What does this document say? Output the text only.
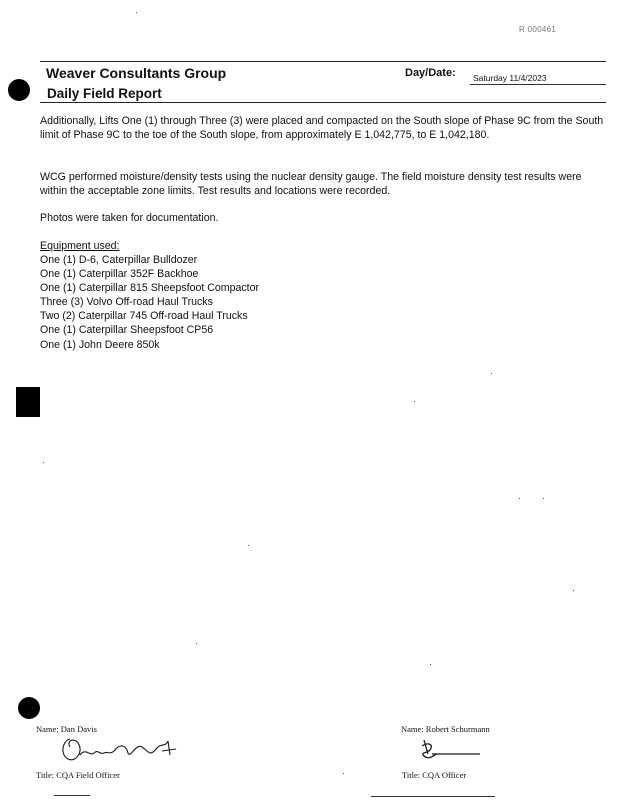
R 000461
Weaver Consultants Group	Day/Date: Saturday 11/4/2023
Daily Field Report
Additionally, Lifts One (1) through Three (3) were placed and compacted on the South slope of Phase 9C from the South limit of Phase 9C to the toe of the South slope, from approximately E 1,042,775, to E 1,042,180.
WCG performed moisture/density tests using the nuclear density gauge. The field moisture density test results were within the acceptable zone limits. Test results and locations were recorded.
Photos were taken for documentation.
Equipment used:
One (1) D-6, Caterpillar Bulldozer
One (1) Caterpillar 352F Backhoe
One (1) Caterpillar 815 Sheepsfoot Compactor
Three (3) Volvo Off-road Haul Trucks
Two (2) Caterpillar 745 Off-road Haul Trucks
One (1) Caterpillar Sheepsfoot CP56
One (1) John Deere 850k
Name: Dan Davis
Title: CQA Field Officer
Name: Robert Schurmann
Title: CQA Officer
